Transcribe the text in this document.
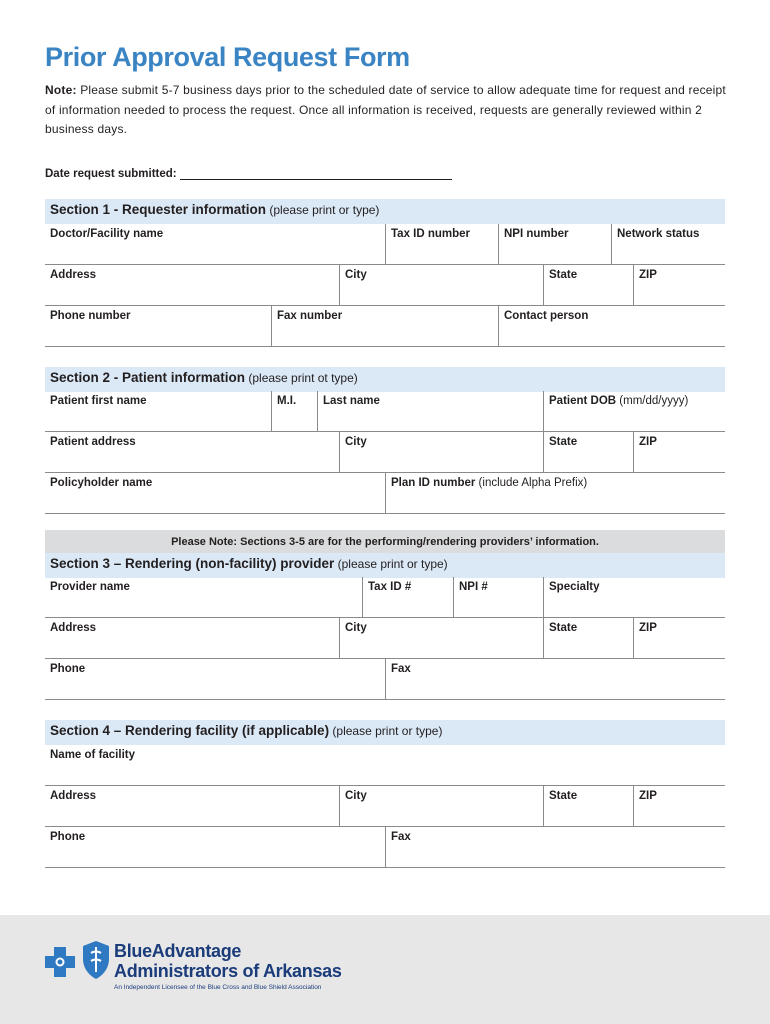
Prior Approval Request Form

Note: Please submit 5-7 business days prior to the scheduled date of service to allow adequate time for request and receipt of information needed to process the request. Once all information is received, requests are generally reviewed within 2 business days.

Date request submitted:
Section 1 - Requester information (please print or type)
Doctor/Facility name	Tax ID number	NPI number	Network status
Address	City	State	ZIP
Phone number	Fax number	Contact person
Section 2 - Patient information (please print ot type)
Patient first name	M.I.	Last name	Patient DOB (mm/dd/yyyy)
Patient address	City	State	ZIP
Policyholder name	Plan ID number (include Alpha Prefix)
Please Note: Sections 3-5 are for the performing/rendering providers’ information.
Section 3 – Rendering (non-facility) provider (please print or type)
Provider name	Tax ID #	NPI #	Specialty
Address	City	State	ZIP
Phone	Fax
Section 4 – Rendering facility (if applicable) (please print or type)
Name of facility
Address	City	State	ZIP
Phone	Fax
BlueAdvantage
Administrators of Arkansas
An Independent Licensee of the Blue Cross and Blue Shield Association
